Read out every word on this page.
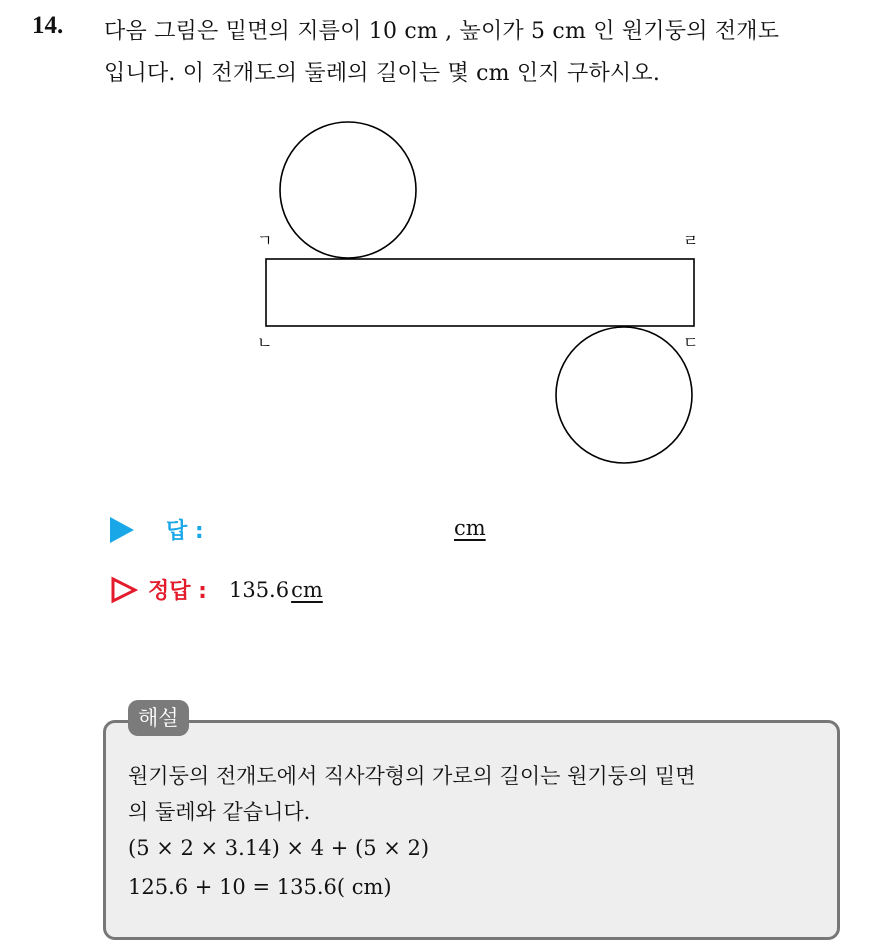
14. 다음 그림은 밑면의 지름이 10 cm , 높이가 5 cm 인 원기둥의 전개도
입니다. 이 전개도의 둘레의 길이는 몇 cm 인지 구하시오.
ㄱ
ㄴ	ㄷ
ㄹ
답 :	cm
정답 : 135.6 cm
해설
원기둥의 전개도에서 직사각형의 가로의 길이는 원기둥의 밑면
의 둘레와 같습니다.
(5 × 2 × 3.14) × 4 + (5 × 2)
125.6 + 10 = 135.6( cm)
